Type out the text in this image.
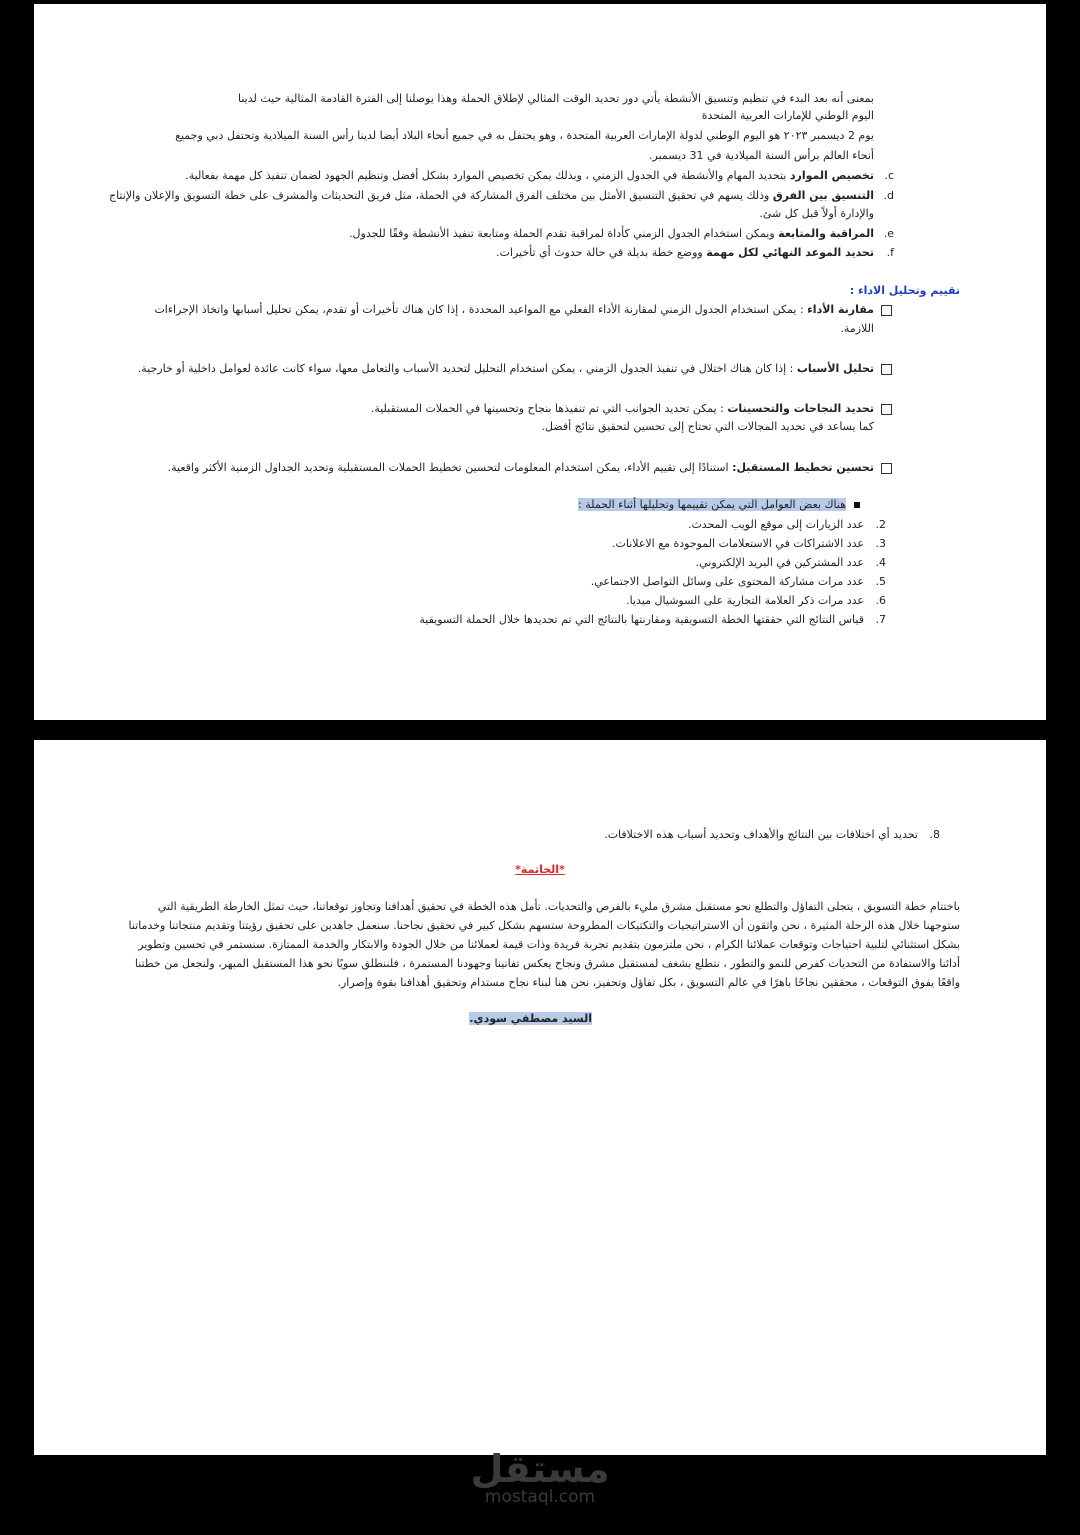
بمعنى أنه بعد البدء في تنظيم وتنسيق الأنشطة يأتي دور تحديد الوقت المثالي لإطلاق الحملة وهذا يوصلنا إلى الفترة القادمة المثالية حيث لدينا
اليوم الوطني للإمارات العربية المتحدة
يوم 2 ديسمبر ٢٠٢٣ هو اليوم الوطني لدولة الإمارات العربية المتحدة ، وهو يحتفل به في جميع أنحاء البلاد أيضا لدينا رأس السنة الميلادية وتحتفل دبي وجميع
أنحاء العالم برأس السنة الميلادية في 31 ديسمبر.
c.
تخصيص الموارد بتحديد المهام والأنشطة في الجدول الزمني ، وبذلك يمكن تخصيص الموارد بشكل أفضل وتنظيم الجهود لضمان تنفيذ كل مهمة بفعالية.
d.
التنسيق بين الفرق وذلك يسهم في تحقيق التنسيق الأمثل بين مختلف الفرق المشاركة في الحملة، مثل فريق التحديثات والمشرف على خطة التسويق والإعلان والإنتاج
والإدارة أولاً قبل كل شئ.
e.
المراقبة والمتابعة ويمكن استخدام الجدول الزمني كأداة لمراقبة تقدم الحملة ومتابعة تنفيذ الأنشطة وفقًا للجدول.
f.
تحديد الموعد النهائي لكل مهمة ووضع خطة بديلة في حالة حدوث أي تأخيرات.
تقييم وتحليل الاداء :
مقارنة الأداء : يمكن استخدام الجدول الزمني لمقارنة الأداء الفعلي مع المواعيد المحددة ، إذا كان هناك تأخيرات أو تقدم، يمكن تحليل أسبابها واتخاذ الإجراءات
اللازمة.
تحليل الأسباب : إذا كان هناك اختلال في تنفيذ الجدول الزمني ، يمكن استخدام التحليل لتحديد الأسباب والتعامل معها، سواء كانت عائدة لعوامل داخلية أو خارجية.
تحديد النجاحات والتحسينات : يمكن تحديد الجوانب التي تم تنفيذها بنجاح وتحسينها في الحملات المستقبلية.
كما يساعد في تحديد المجالات التي تحتاج إلى تحسين لتحقيق نتائج أفضل.
تحسين تخطيط المستقبل: استنادًا إلى تقييم الأداء، يمكن استخدام المعلومات لتحسين تخطيط الحملات المستقبلية وتحديد الجداول الزمنية الأكثر واقعية.
هناك بعض العوامل التي يمكن تقييمها وتحليلها أثناء الحملة :
2.
عدد الزيارات إلى موقع الويب المحدث.
3.
عدد الاشتراكات في الاستعلامات الموجودة مع الاعلانات.
4.
عدد المشتركين في البريد الإلكتروني.
5.
عدد مرات مشاركة المحتوى على وسائل التواصل الاجتماعي.
6.
عدد مرات ذكر العلامة التجارية على السوشيال ميديا.
7.
قياس النتائج التي حققتها الخطة التسويقية ومقارنتها بالنتائج التي تم تحديدها خلال الحملة التسويقية
8.
تحديد أي اختلافات بين النتائج والأهداف وتحديد أسباب هذه الاختلافات.
*الخاتمة*
باختتام خطة التسويق ، يتجلى التفاؤل والتطلع نحو مستقبل مشرق مليء بالفرص والتحديات. تأمل هذه الخطة في تحقيق أهدافنا وتجاوز توقعاتنا، حيث تمثل الخارطة الطريقية التي
ستوجهنا خلال هذه الرحلة المثيرة ، نحن واثقون أن الاستراتيجيات والتكتيكات المطروحة ستسهم بشكل كبير في تحقيق نجاحنا. سنعمل جاهدين على تحقيق رؤيتنا وتقديم منتجاتنا وخدماتنا
بشكل استثنائي لتلبية احتياجات وتوقعات عملائنا الكرام ، نحن ملتزمون بتقديم تجربة فريدة وذات قيمة لعملائنا من خلال الجودة والابتكار والخدمة الممتازة. سنستمر في تحسين وتطوير
أدائنا والاستفادة من التحديات كفرص للنمو والتطور ، نتطلع بشغف لمستقبل مشرق ونجاح يعكس تفانينا وجهودنا المستمرة ، فلننطلق سويًا نحو هذا المستقبل المبهر، ولنجعل من خطتنا
واقعًا يفوق التوقعات ، محققين نجاحًا باهرًا في عالم التسويق ، بكل تفاؤل وتحفيز، نحن هنا لبناء نجاح مستدام وتحقيق أهدافنا بقوة وإصرار.
السيد مصطفي سودي.
مستقل
mostaql.com
